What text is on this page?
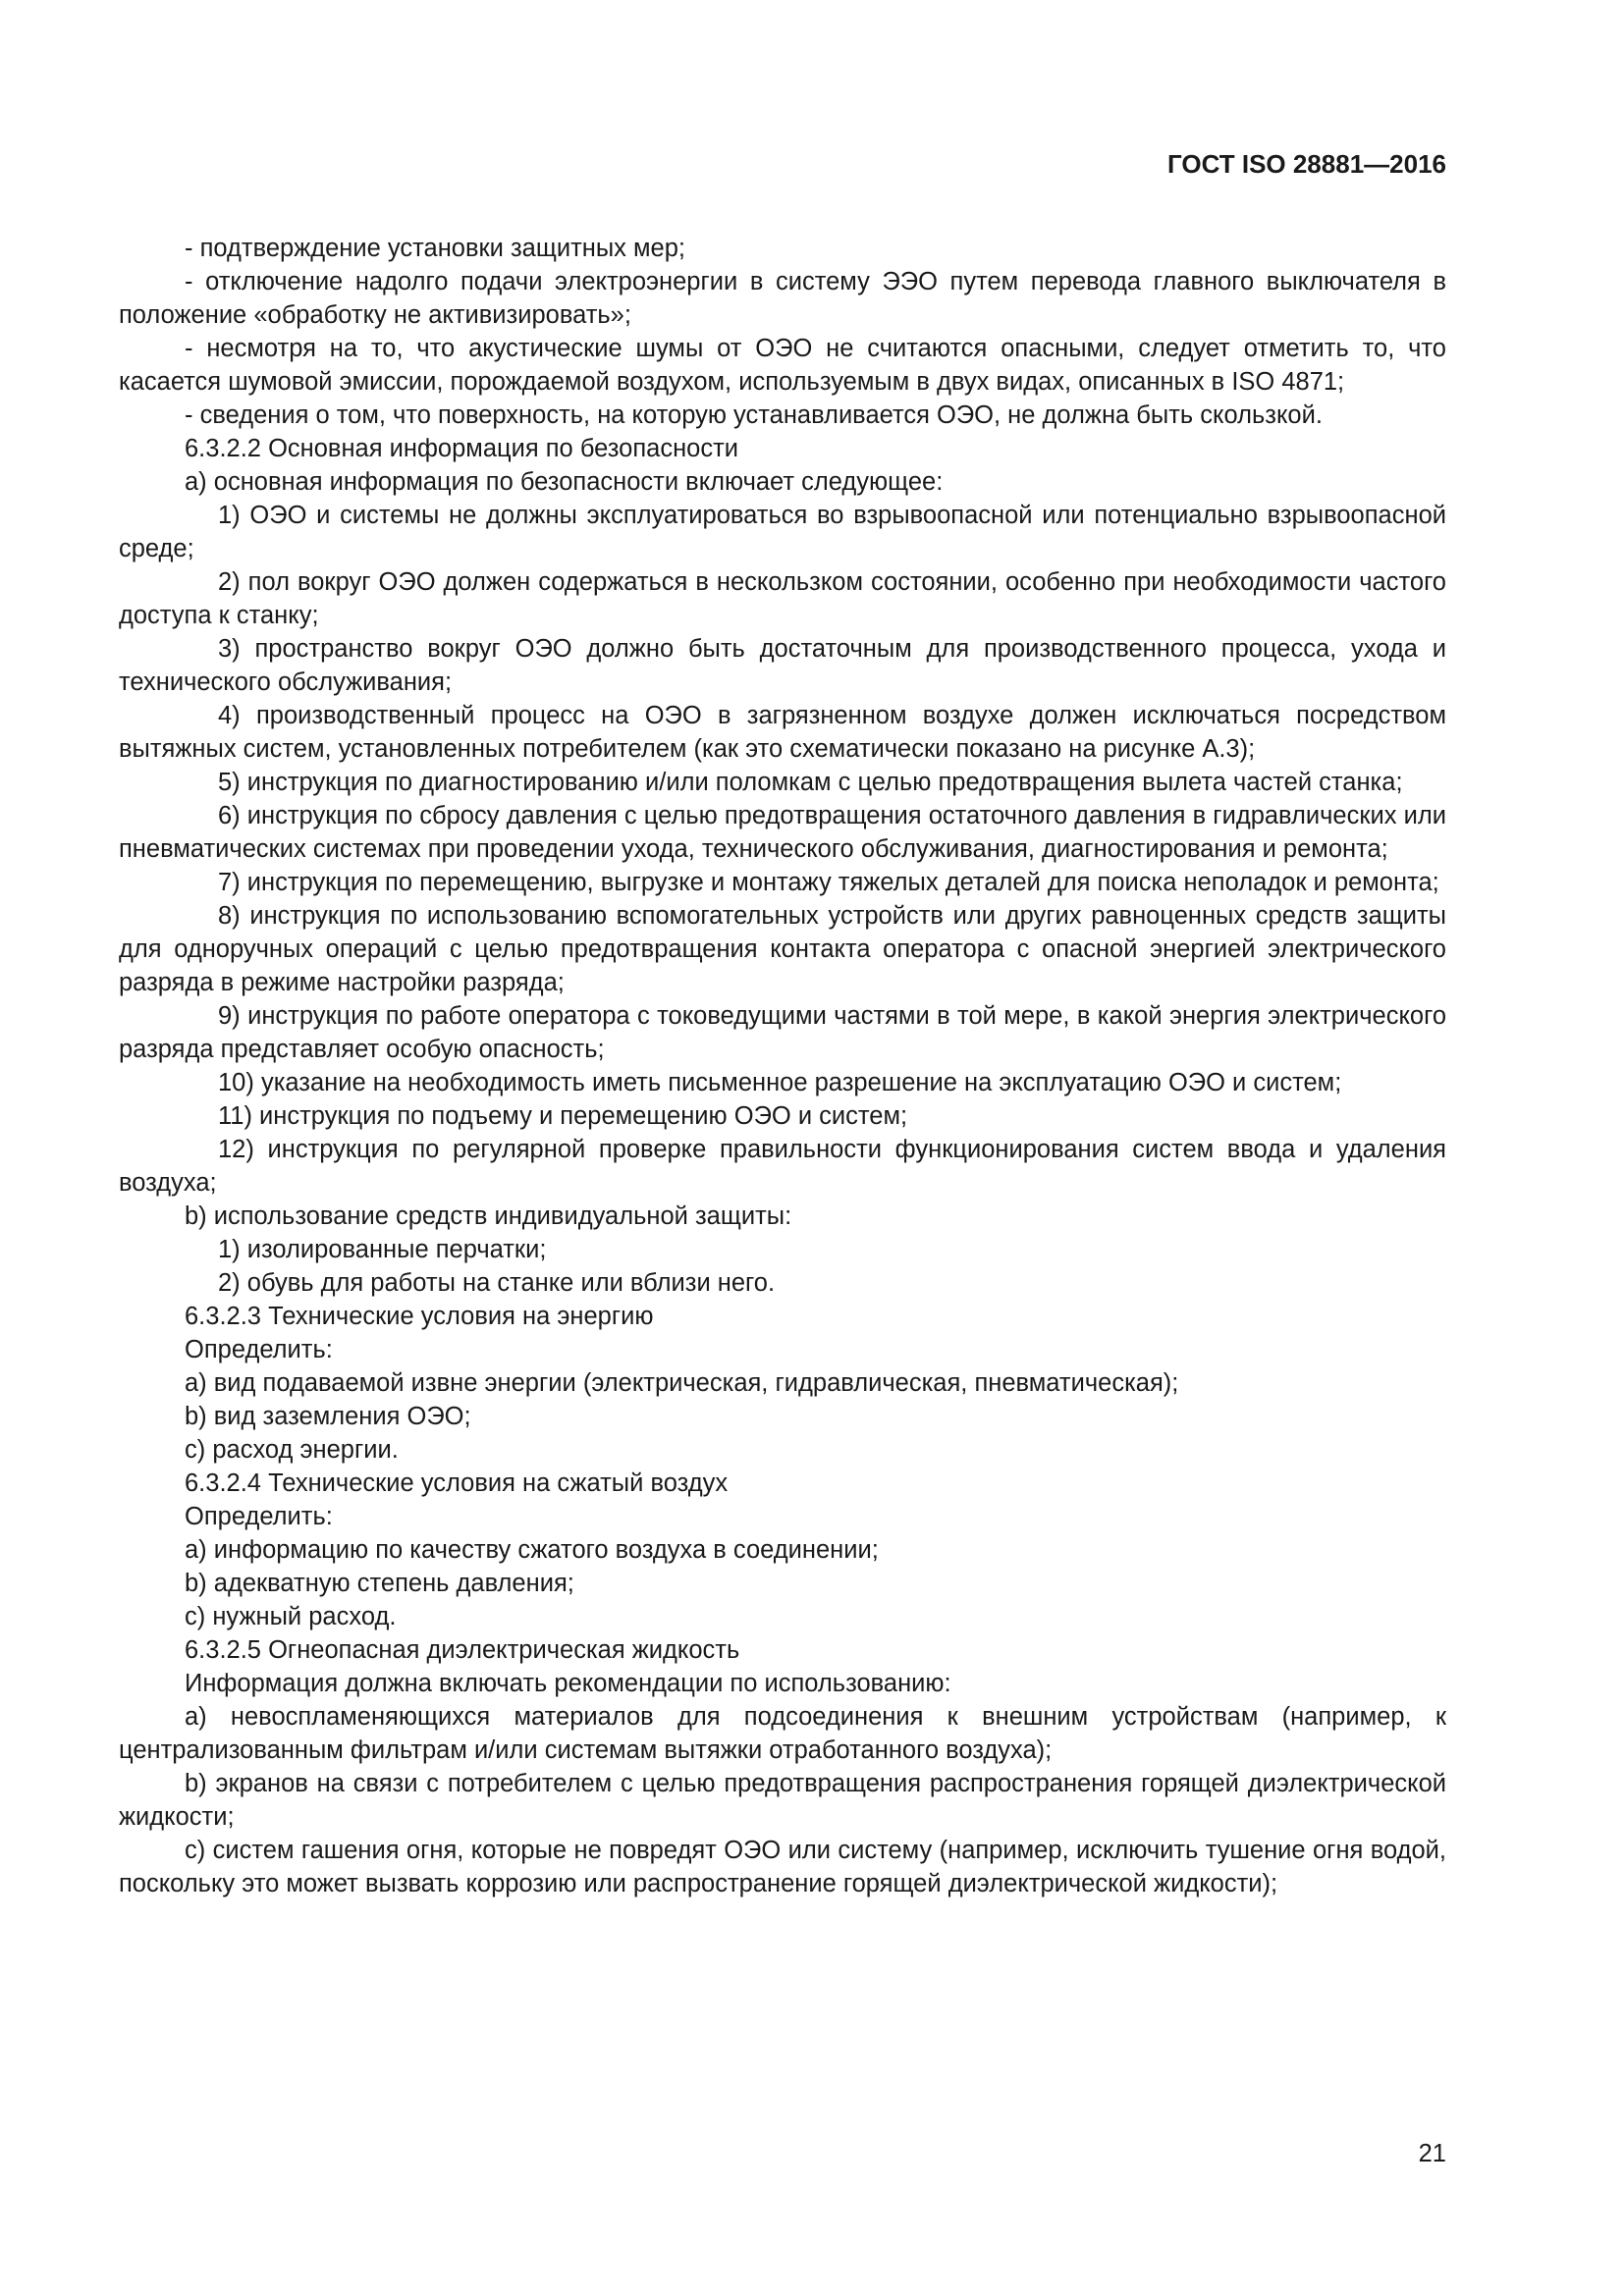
ГОСТ ISO 28881—2016

- подтверждение установки защитных мер;

- отключение надолго подачи электроэнергии в систему ЭЭО путем перевода главного выключателя в положение «обработку не активизировать»;

- несмотря на то, что акустические шумы от ОЭО не считаются опасными, следует отметить то, что касается шумовой эмиссии, порождаемой воздухом, используемым в двух видах, описанных в ISO 4871;

- сведения о том, что поверхность, на которую устанавливается ОЭО, не должна быть скользкой.

6.3.2.2 Основная информация по безопасности

a) основная информация по безопасности включает следующее:

1) ОЭО и системы не должны эксплуатироваться во взрывоопасной или потенциально взрывоопасной среде;

2) пол вокруг ОЭО должен содержаться в нескользком состоянии, особенно при необходимости частого доступа к станку;

3) пространство вокруг ОЭО должно быть достаточным для производственного процесса, ухода и технического обслуживания;

4) производственный процесс на ОЭО в загрязненном воздухе должен исключаться посредством вытяжных систем, установленных потребителем (как это схематически показано на рисунке А.3);

5) инструкция по диагностированию и/или поломкам с целью предотвращения вылета частей станка;

6) инструкция по сбросу давления с целью предотвращения остаточного давления в гидравлических или пневматических системах при проведении ухода, технического обслуживания, диагностирования и ремонта;

7) инструкция по перемещению, выгрузке и монтажу тяжелых деталей для поиска неполадок и ремонта;

8) инструкция по использованию вспомогательных устройств или других равноценных средств защиты для одноручных операций с целью предотвращения контакта оператора с опасной энергией электрического разряда в режиме настройки разряда;

9) инструкция по работе оператора с токоведущими частями в той мере, в какой энергия электрического разряда представляет особую опасность;

10) указание на необходимость иметь письменное разрешение на эксплуатацию ОЭО и систем;

11) инструкция по подъему и перемещению ОЭО и систем;

12) инструкция по регулярной проверке правильности функционирования систем ввода и удаления воздуха;

b) использование средств индивидуальной защиты:

1) изолированные перчатки;

2) обувь для работы на станке или вблизи него.

6.3.2.3 Технические условия на энергию

Определить:

a) вид подаваемой извне энергии (электрическая, гидравлическая, пневматическая);

b) вид заземления ОЭО;

c) расход энергии.

6.3.2.4 Технические условия на сжатый воздух

Определить:

a) информацию по качеству сжатого воздуха в соединении;

b) адекватную степень давления;

c) нужный расход.

6.3.2.5 Огнеопасная диэлектрическая жидкость

Информация должна включать рекомендации по использованию:

a) невоспламеняющихся материалов для подсоединения к внешним устройствам (например, к централизованным фильтрам и/или системам вытяжки отработанного воздуха);

b) экранов на связи с потребителем с целью предотвращения распространения горящей диэлектрической жидкости;

c) систем гашения огня, которые не повредят ОЭО или систему (например, исключить тушение огня водой, поскольку это может вызвать коррозию или распространение горящей диэлектрической жидкости);

21
